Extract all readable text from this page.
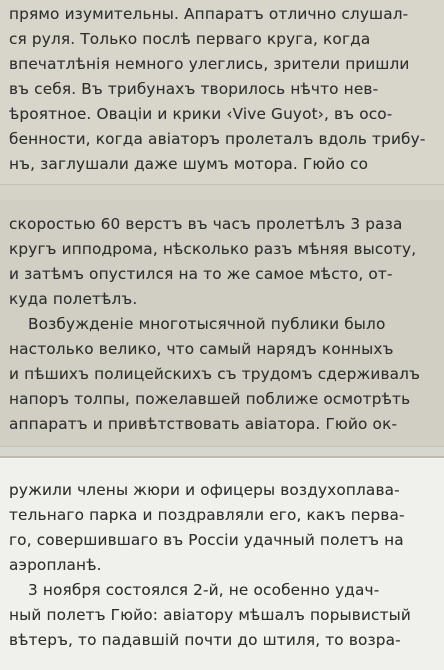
прямо изумительны. Аппаратъ отлично слушал-
ся руля. Только послѣ перваго круга, когда
впечатлѣнія немного улеглись, зрители пришли
въ себя. Въ трибунахъ творилось нѣчто нев-
ѣроятное. Оваціи и крики ‹Vive Guyot›, въ осо-
бенности, когда авіаторъ пролеталъ вдоль трибу-
нъ, заглушали даже шумъ мотора. Гюйо со
скоростью 60 верстъ въ часъ пролетѣлъ 3 раза
кругъ ипподрома, нѣсколько разъ мѣняя высоту,
и затѣмъ опустился на то же самое мѣсто, от-
куда полетѣлъ.
Возбужденіе многотысячной публики было
настолько велико, что самый нарядъ конныхъ
и пѣшихъ полицейскихъ съ трудомъ сдерживалъ
напоръ толпы, пожелавшей поближе осмотрѣть
аппаратъ и привѣтствовать авіатора. Гюйо ок-
ружили члены жюри и офицеры воздухоплава-
тельнаго парка и поздравляли его, какъ перва-
го, совершившаго въ Россіи удачный полетъ на
аэропланѣ.
3 ноября состоялся 2-й, не особенно удач-
ный полетъ Гюйо: авіатору мѣшалъ порывистый
вѣтеръ, то падавшій почти до штиля, то возра-
